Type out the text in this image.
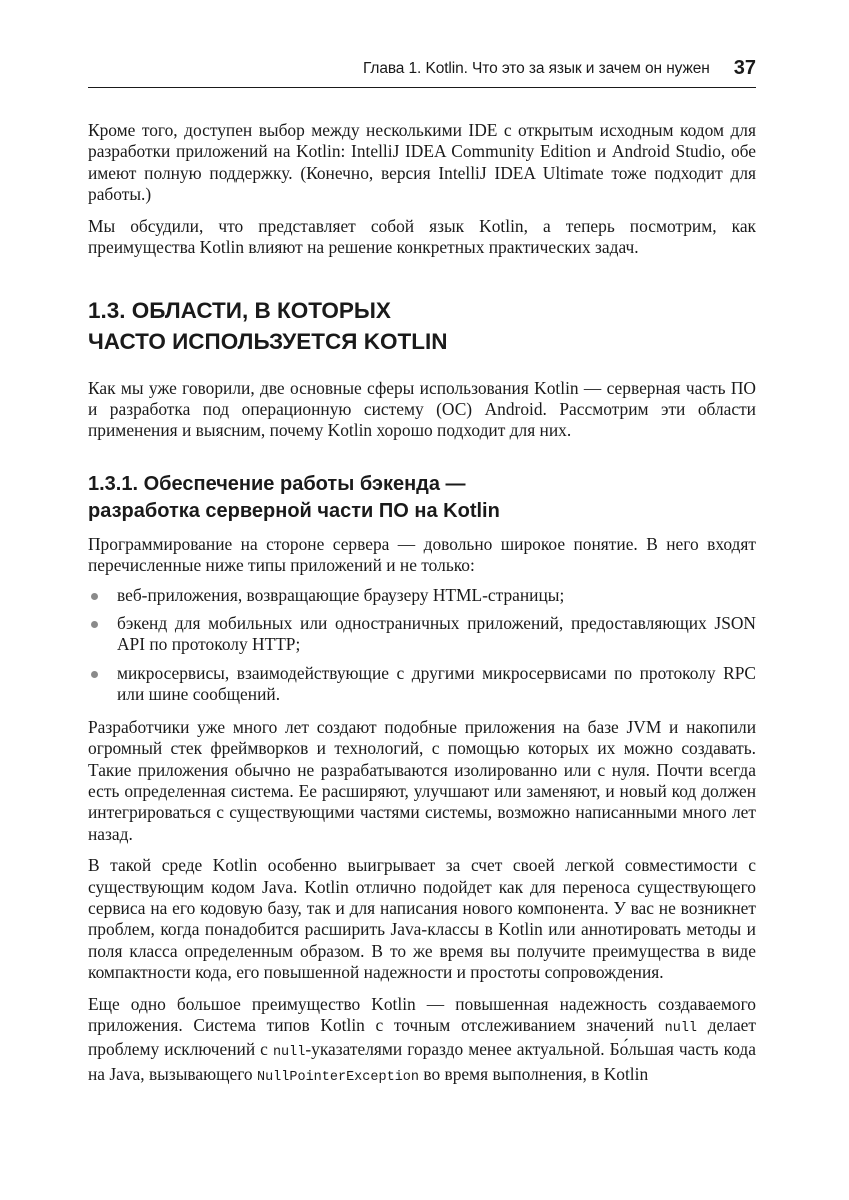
Глава 1. Kotlin. Что это за язык и зачем он нужен 37

Кроме того, доступен выбор между несколькими IDE с открытым исходным кодом для разработки приложений на Kotlin: IntelliJ IDEA Community Edition и Android Studio, обе имеют полную поддержку. (Конечно, версия IntelliJ IDEA Ultimate тоже подходит для работы.)

Мы обсудили, что представляет собой язык Kotlin, а теперь посмотрим, как преимущества Kotlin влияют на решение конкретных практических задач.

1.3. ОБЛАСТИ, В КОТОРЫХ
ЧАСТО ИСПОЛЬЗУЕТСЯ KOTLIN

Как мы уже говорили, две основные сферы использования Kotlin — серверная часть ПО и разработка под операционную систему (ОС) Android. Рассмотрим эти области применения и выясним, почему Kotlin хорошо подходит для них.

1.3.1. Обеспечение работы бэкенда —
разработка серверной части ПО на Kotlin

Программирование на стороне сервера — довольно широкое понятие. В него входят перечисленные ниже типы приложений и не только:

веб-приложения, возвращающие браузеру HTML-страницы;
бэкенд для мобильных или одностраничных приложений, предоставляющих JSON API по протоколу HTTP;
микросервисы, взаимодействующие с другими микросервисами по протоколу RPC или шине сообщений.

Разработчики уже много лет создают подобные приложения на базе JVM и накопили огромный стек фреймворков и технологий, с помощью которых их можно создавать. Такие приложения обычно не разрабатываются изолированно или с нуля. Почти всегда есть определенная система. Ее расширяют, улучшают или заменяют, и новый код должен интегрироваться с существующими частями системы, возможно написанными много лет назад.

В такой среде Kotlin особенно выигрывает за счет своей легкой совместимости с существующим кодом Java. Kotlin отлично подойдет как для переноса существующего сервиса на его кодовую базу, так и для написания нового компонента. У вас не возникнет проблем, когда понадобится расширить Java-классы в Kotlin или аннотировать методы и поля класса определенным образом. В то же время вы получите преимущества в виде компактности кода, его повышенной надежности и простоты сопровождения.

Еще одно большое преимущество Kotlin — повышенная надежность создаваемого приложения. Система типов Kotlin с точным отслеживанием значений null делает проблему исключений с null-указателями гораздо менее актуальной. Бо́льшая часть кода на Java, вызывающего NullPointerException во время выполнения, в Kotlin
